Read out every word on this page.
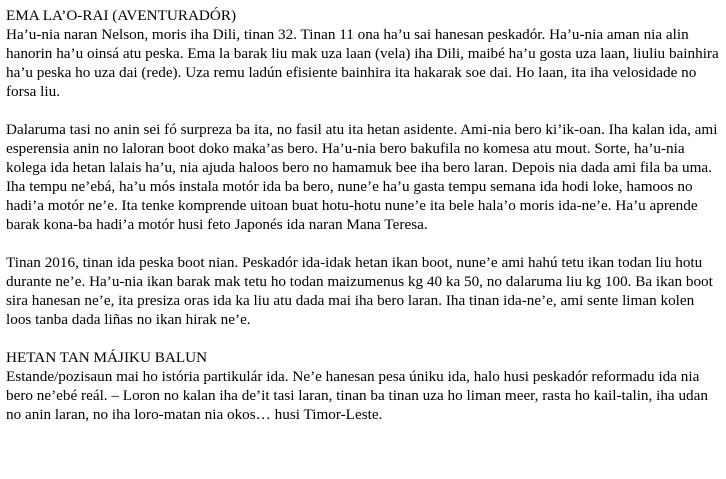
EMA LA’O-RAI (AVENTURADÓR)

Ha’u-nia naran Nelson, moris iha Dili, tinan 32. Tinan 11 ona ha’u sai hanesan peskadór. Ha’u-nia aman nia alin hanorin ha’u oinsá atu peska. Ema la barak liu mak uza laan (vela) iha Dili, maibé ha’u gosta uza laan, liuliu bainhira ha’u peska ho uza dai (rede). Uza remu ladún efisiente bainhira ita hakarak soe dai. Ho laan, ita iha velosidade no forsa liu.

Dalaruma tasi no anin sei fó surpreza ba ita, no fasil atu ita hetan asidente. Ami-nia bero ki’ik-oan. Iha kalan ida, ami esperensia anin no laloran boot doko maka’as bero. Ha’u-nia bero bakufila no komesa atu mout. Sorte, ha’u-nia kolega ida hetan lalais ha’u, nia ajuda haloos bero no hamamuk bee iha bero laran. Depois nia dada ami fila ba uma. Iha tempu ne’ebá, ha’u mós instala motór ida ba bero, nune’e ha’u gasta tempu semana ida hodi loke, hamoos no hadi’a motór ne’e. Ita tenke komprende uitoan buat hotu-hotu nune’e ita bele hala’o moris ida-ne’e. Ha’u aprende barak kona-ba hadi’a motór husi feto Japonés ida naran Mana Teresa.

Tinan 2016, tinan ida peska boot nian. Peskadór ida-idak hetan ikan boot, nune’e ami hahú tetu ikan todan liu hotu durante ne’e. Ha’u-nia ikan barak mak tetu ho todan maizumenus kg 40 ka 50, no dalaruma liu kg 100. Ba ikan boot sira hanesan ne’e, ita presiza oras ida ka liu atu dada mai iha bero laran. Iha tinan ida-ne’e, ami sente liman kolen loos tanba dada liñas no ikan hirak ne’e.

HETAN TAN MÁJIKU BALUN

Estande/pozisaun mai ho istória partikulár ida. Ne’e hanesan pesa úniku ida, halo husi peskadór reformadu ida nia bero ne’ebé reál. – Loron no kalan iha de’it tasi laran, tinan ba tinan uza ho liman meer, rasta ho kail-talin, iha udan no anin laran, no iha loro-matan nia okos… husi Timor-Leste.
